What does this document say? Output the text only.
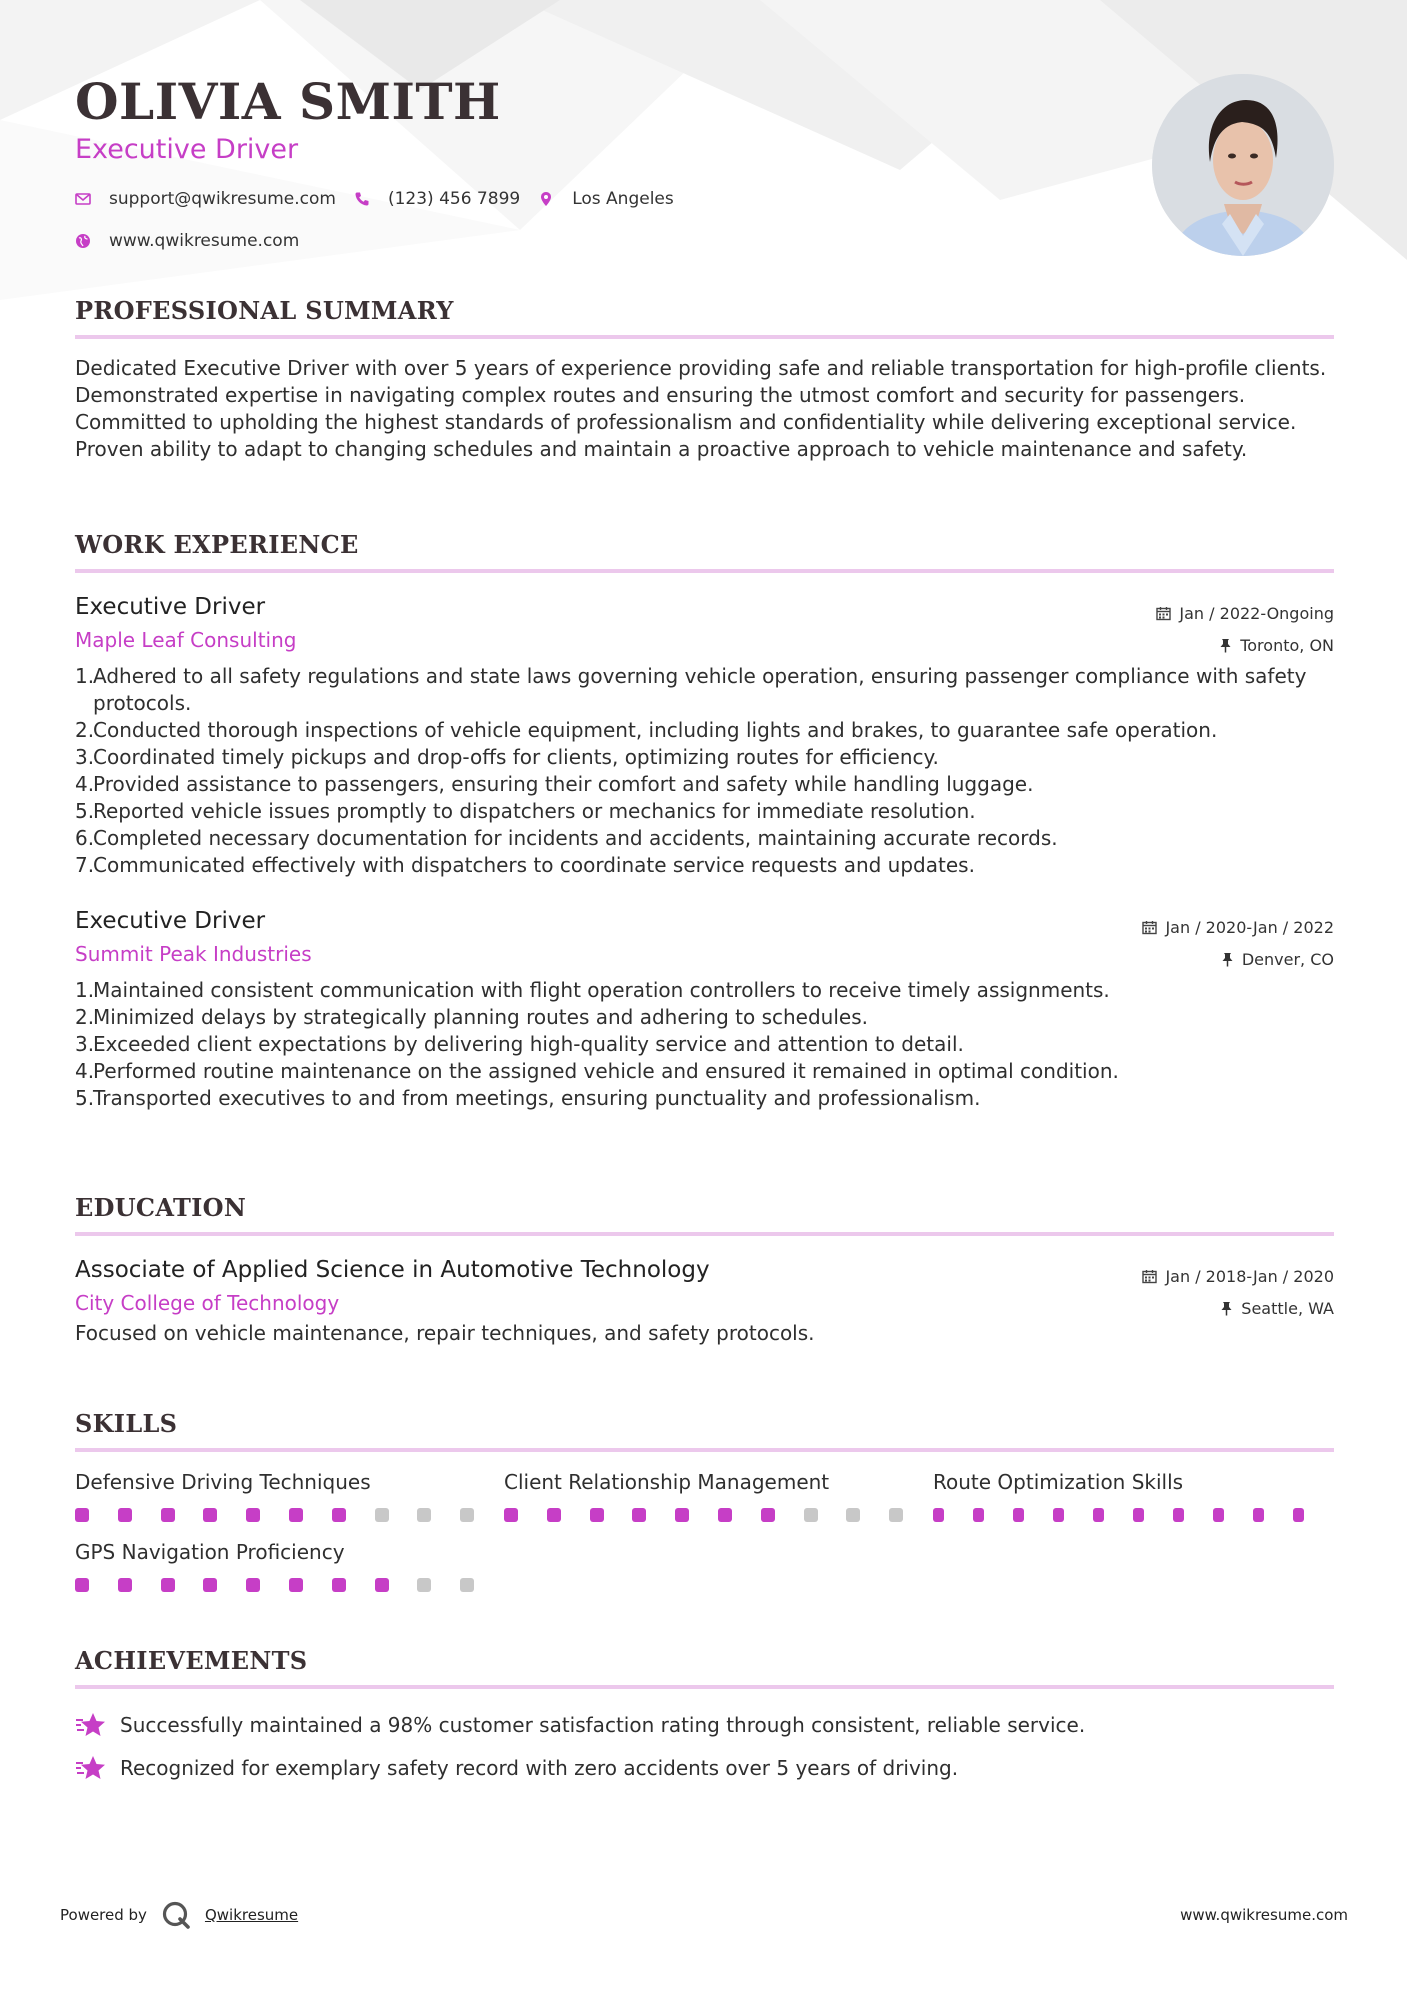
OLIVIA SMITH
Executive Driver
support@qwikresume.com	(123) 456 7899	Los Angeles
www.qwikresume.com
PROFESSIONAL SUMMARY
Dedicated Executive Driver with over 5 years of experience providing safe and reliable transportation for high-profile clients. Demonstrated expertise in navigating complex routes and ensuring the utmost comfort and security for passengers. Committed to upholding the highest standards of professionalism and confidentiality while delivering exceptional service. Proven ability to adapt to changing schedules and maintain a proactive approach to vehicle maintenance and safety.
WORK EXPERIENCE
Executive Driver
Maple Leaf Consulting
Jan / 2022-Ongoing
Toronto, ON
1.
Adhered to all safety regulations and state laws governing vehicle operation, ensuring passenger compliance with safety protocols.
2.
Conducted thorough inspections of vehicle equipment, including lights and brakes, to guarantee safe operation.
3.
Coordinated timely pickups and drop-offs for clients, optimizing routes for efficiency.
4.
Provided assistance to passengers, ensuring their comfort and safety while handling luggage.
5.
Reported vehicle issues promptly to dispatchers or mechanics for immediate resolution.
6.
Completed necessary documentation for incidents and accidents, maintaining accurate records.
7.
Communicated effectively with dispatchers to coordinate service requests and updates.
Executive Driver
Summit Peak Industries
Jan / 2020-Jan / 2022
Denver, CO
1.
Maintained consistent communication with flight operation controllers to receive timely assignments.
2.
Minimized delays by strategically planning routes and adhering to schedules.
3.
Exceeded client expectations by delivering high-quality service and attention to detail.
4.
Performed routine maintenance on the assigned vehicle and ensured it remained in optimal condition.
5.
Transported executives to and from meetings, ensuring punctuality and professionalism.
EDUCATION
Associate of Applied Science in Automotive Technology
City College of Technology
Jan / 2018-Jan / 2020
Seattle, WA
Focused on vehicle maintenance, repair techniques, and safety protocols.
SKILLS
Defensive Driving Techniques	Client Relationship Management	Route Optimization Skills
GPS Navigation Proficiency
ACHIEVEMENTS
Successfully maintained a 98% customer satisfaction rating through consistent, reliable service.
Recognized for exemplary safety record with zero accidents over 5 years of driving.
Powered by	Qwikresume	www.qwikresume.com
